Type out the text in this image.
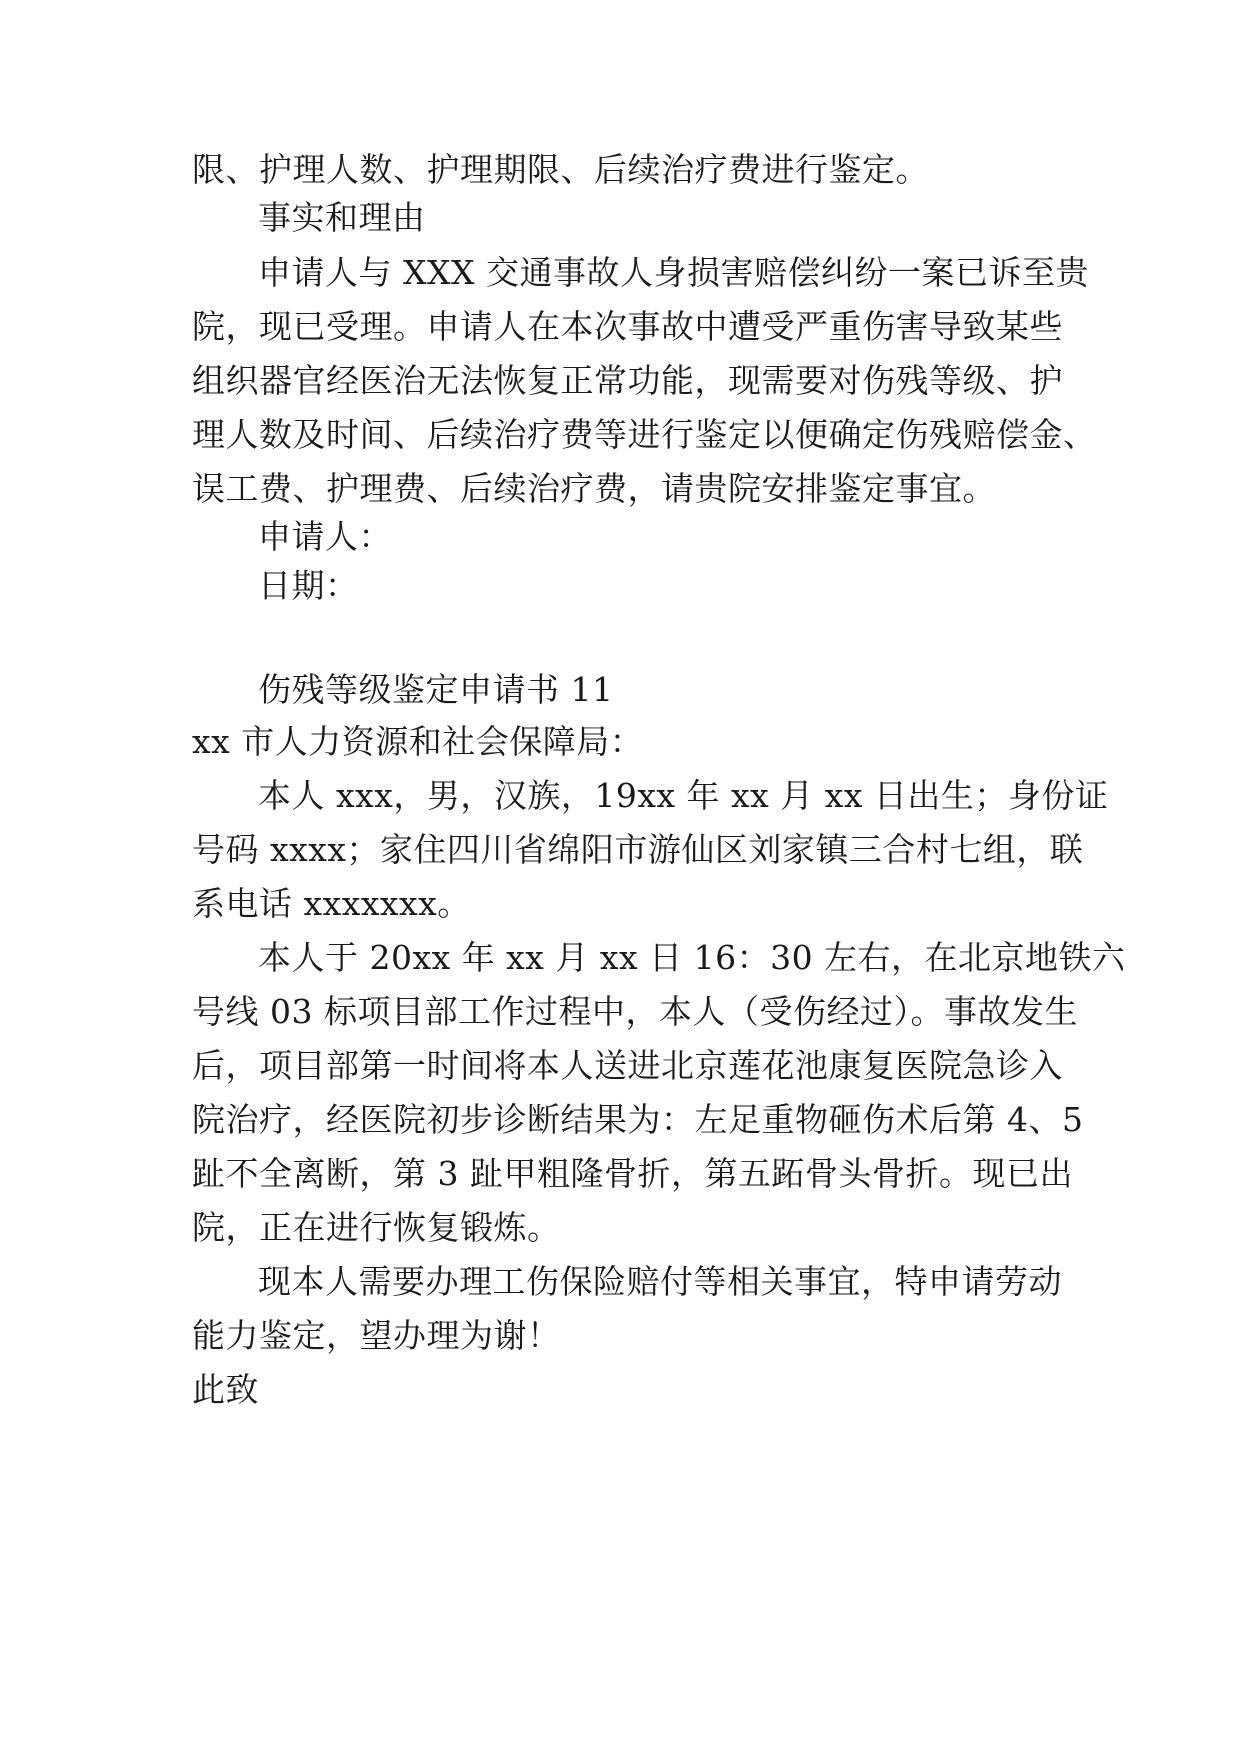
限、护理人数、护理期限、后续治疗费进行鉴定。
事实和理由
申请人与 XXX 交通事故人身损害赔偿纠纷一案已诉至贵
院，现已受理。申请人在本次事故中遭受严重伤害导致某些
组织器官经医治无法恢复正常功能，现需要对伤残等级、护
理人数及时间、后续治疗费等进行鉴定以便确定伤残赔偿金、
误工费、护理费、后续治疗费，请贵院安排鉴定事宜。
申请人：
日期：
伤残等级鉴定申请书 11
xx 市人力资源和社会保障局：
本人 xxx，男，汉族，19xx 年 xx 月 xx 日出生；身份证
号码 xxxx；家住四川省绵阳市游仙区刘家镇三合村七组，联
系电话 xxxxxxx。
本人于 20xx 年 xx 月 xx 日 16：30 左右，在北京地铁六
号线 03 标项目部工作过程中，本人（受伤经过）。事故发生
后，项目部第一时间将本人送进北京莲花池康复医院急诊入
院治疗，经医院初步诊断结果为：左足重物砸伤术后第 4、5
趾不全离断，第 3 趾甲粗隆骨折，第五跖骨头骨折。现已出
院，正在进行恢复锻炼。
现本人需要办理工伤保险赔付等相关事宜，特申请劳动
能力鉴定，望办理为谢！
此致
